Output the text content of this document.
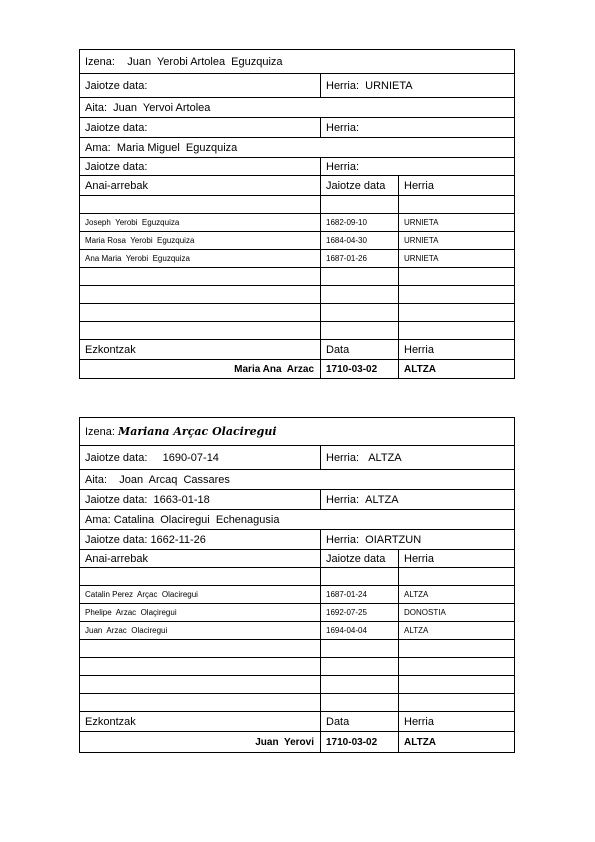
Izena:
Juan  Yerobi Artolea  Eguzquiza
Jaiotze data:
	Herria:
URNIETA
Aita:
Juan  Yervoi Artolea
Jaiotze data:
	Herria:

Ama:
Maria Miguel  Eguzquiza
Jaiotze data:
	Herria:

Anai-arrebak	Jaiotze data	Herria
Joseph  Yerobi  Eguzquiza	1682-09-10	URNIETA
Maria Rosa  Yerobi  Eguzquiza	1684-04-30	URNIETA
Ana Maria  Yerobi  Eguzquiza	1687-01-26	URNIETA
Ezkontzak	Data	Herria
Maria Ana  Arzac	1710-03-02	ALTZA
Izena:
Mariana Arçac Olaciregui
Jaiotze data:
1690-07-14	Herria:
ALTZA
Aita:
Joan  Arcaq  Cassares
Jaiotze data:
1663-01-18	Herria:
ALTZA
Ama:
Catalina  Olaciregui  Echenagusia
Jaiotze data:
1662-11-26	Herria:
OIARTZUN
Anai-arrebak	Jaiotze data	Herria
Catalin Perez  Arçac  Olaciregui	1687-01-24	ALTZA
Phelipe  Arzac  Olaçiregui	1692-07-25	DONOSTIA
Juan  Arzac  Olaciregui	1694-04-04	ALTZA
Ezkontzak	Data	Herria
Juan  Yerovi	1710-03-02	ALTZA
